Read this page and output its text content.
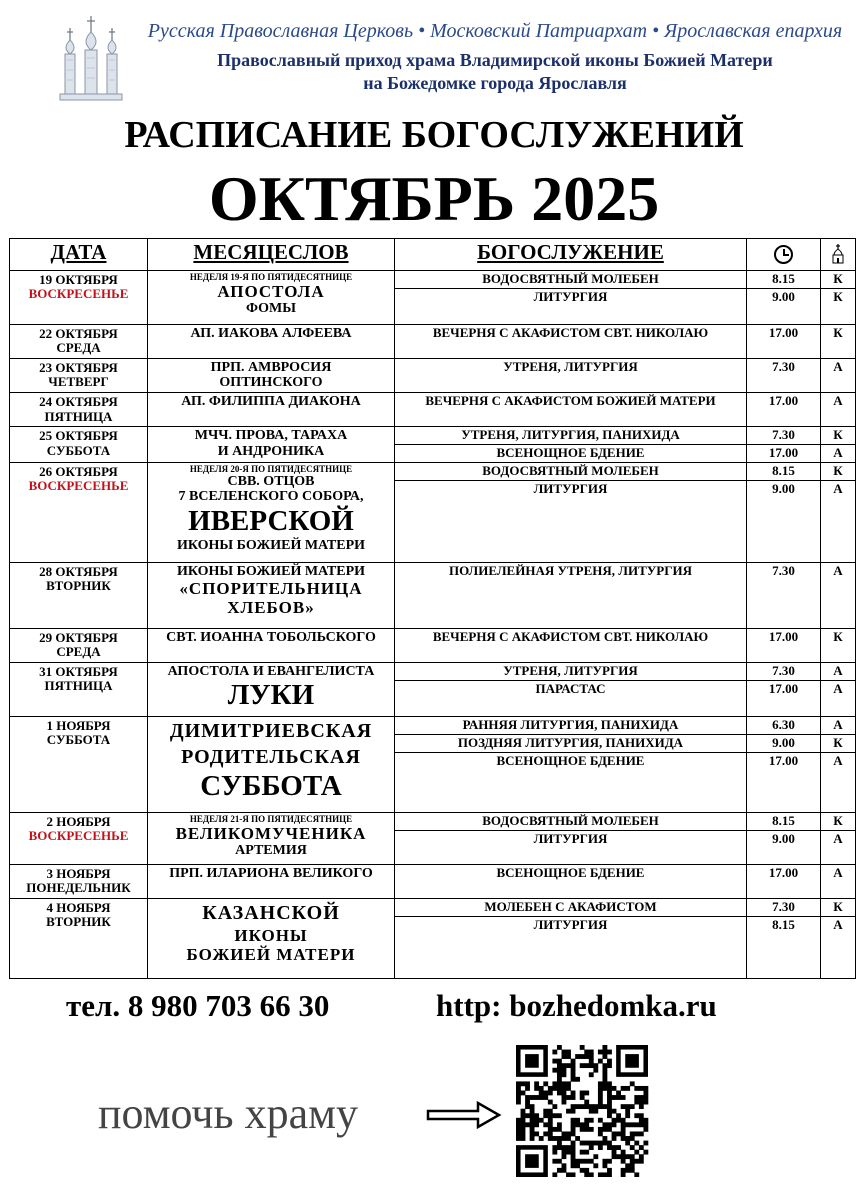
Русская Православная Церковь • Московский Патриархат • Ярославская епархия
Православный приход храма Владимирской иконы Божией Матери
на Божедомке города Ярославля
РАСПИСАНИЕ БОГОСЛУЖЕНИЙ
ОКТЯБРЬ 2025
ДАТА	МЕСЯЦЕСЛОВ	БОГОСЛУЖЕНИЕ		

19 ОКТЯБРЯ
ВОСКРЕСЕНЬЕ	НЕДЕЛЯ 19-Я ПО ПЯТИДЕСЯТНИЦЕ
АПОСТОЛА
ФОМЫ	ВОДОСВЯТНЫЙ МОЛЕБЕН	8.15	К
		ЛИТУРГИЯ	9.00	К

22 ОКТЯБРЯ
СРЕДА	АП. ИАКОВА АЛФЕЕВА	ВЕЧЕРНЯ С АКАФИСТОМ СВТ. НИКОЛАЮ	17.00	К

23 ОКТЯБРЯ
ЧЕТВЕРГ	ПРП. АМВРОСИЯ
ОПТИНСКОГО	УТРЕНЯ, ЛИТУРГИЯ	7.30	А

24 ОКТЯБРЯ
ПЯТНИЦА	АП. ФИЛИППА ДИАКОНА	ВЕЧЕРНЯ С АКАФИСТОМ БОЖИЕЙ МАТЕРИ	17.00	А

25 ОКТЯБРЯ
СУББОТА	МЧЧ. ПРОВА, ТАРАХА
И АНДРОНИКА	УТРЕНЯ, ЛИТУРГИЯ, ПАНИХИДА	7.30	К
		ВСЕНОЩНОЕ БДЕНИЕ	17.00	А

26 ОКТЯБРЯ
ВОСКРЕСЕНЬЕ	НЕДЕЛЯ 20-Я ПО ПЯТИДЕСЯТНИЦЕ
СВВ. ОТЦОВ
7 ВСЕЛЕНСКОГО СОБОРА,
ИВЕРСКОЙ
ИКОНЫ БОЖИЕЙ МАТЕРИ	ВОДОСВЯТНЫЙ МОЛЕБЕН	8.15	К
		ЛИТУРГИЯ	9.00	А

28 ОКТЯБРЯ
ВТОРНИК	ИКОНЫ БОЖИЕЙ МАТЕРИ
«СПОРИТЕЛЬНИЦА
ХЛЕБОВ»	ПОЛИЕЛЕЙНАЯ УТРЕНЯ, ЛИТУРГИЯ	7.30	А

29 ОКТЯБРЯ
СРЕДА	СВТ. ИОАННА ТОБОЛЬСКОГО	ВЕЧЕРНЯ С АКАФИСТОМ СВТ. НИКОЛАЮ	17.00	К

31 ОКТЯБРЯ
ПЯТНИЦА	АПОСТОЛА И ЕВАНГЕЛИСТА
ЛУКИ	УТРЕНЯ, ЛИТУРГИЯ	7.30	А
		ПАРАСТАС	17.00	А

1 НОЯБРЯ
СУББОТА	ДИМИТРИЕВСКАЯ
РОДИТЕЛЬСКАЯ
СУББОТА	РАННЯЯ ЛИТУРГИЯ, ПАНИХИДА	6.30	А
		ПОЗДНЯЯ ЛИТУРГИЯ, ПАНИХИДА	9.00	К
		ВСЕНОЩНОЕ БДЕНИЕ	17.00	А

2 НОЯБРЯ
ВОСКРЕСЕНЬЕ	НЕДЕЛЯ 21-Я ПО ПЯТИДЕСЯТНИЦЕ
ВЕЛИКОМУЧЕНИКА
АРТЕМИЯ	ВОДОСВЯТНЫЙ МОЛЕБЕН	8.15	К
		ЛИТУРГИЯ	9.00	А

3 НОЯБРЯ
ПОНЕДЕЛЬНИК	ПРП. ИЛАРИОНА ВЕЛИКОГО	ВСЕНОЩНОЕ БДЕНИЕ	17.00	А

4 НОЯБРЯ
ВТОРНИК	КАЗАНСКОЙ
ИКОНЫ
БОЖИЕЙ МАТЕРИ	МОЛЕБЕН С АКАФИСТОМ	7.30	К
		ЛИТУРГИЯ	8.15	А
тел. 8 980 703 66 30	http: bozhedomka.ru
помочь храму
